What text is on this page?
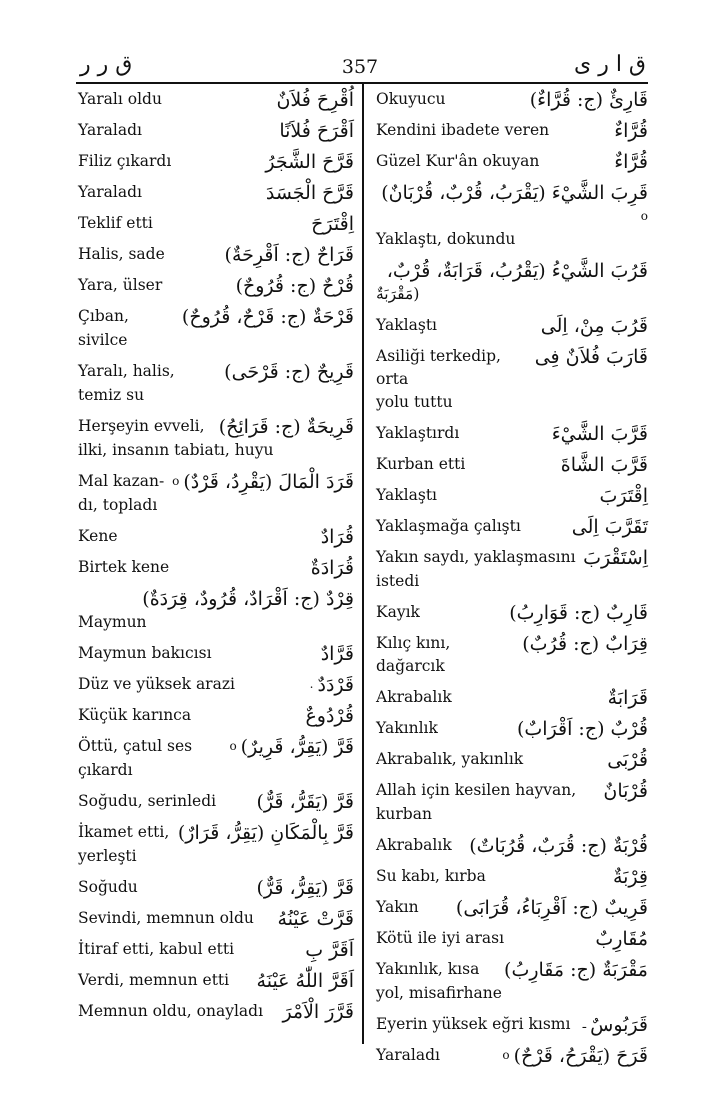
ق ر ر	357	ق ا ر ى
اُقْرِحَ فُلاَنٌ
Yaralı oldu
اَقْرَحَ فُلاَنًا
Yaraladı
قَرَّحَ الشَّجَرُ
Filiz çıkardı
قَرَّحَ الْجَسَدَ
Yaraladı
اِقْتَرَحَ
Teklif etti
قَرَاحٌ (ج: اَقْرِحَةٌ)
Halis, sade
قُرْحٌ (ج: قُرُوحٌ)
Yara, ülser
قَرْحَةٌ (ج: قَرْحٌ، قُرُوحٌ)
Çıban,
sivilce
قَرِيحٌ (ج: قَرْحَى)
Yaralı, halis,
temiz su
قَرِيحَةٌ (ج: قَرَائِحُ)
Herşeyin evveli,
ilki, insanın tabiatı, huyu
قَرَدَ الْمَالَ (يَقْرِدُ، قَرْدٌ)
o
Mal kazan-
dı, topladı
قُرَادٌ
Kene
قُرَادَةٌ
Birtek kene
قِرْدٌ (ج: اَقْرَادٌ، قُرُودٌ، قِرَدَةٌ)
Maymun
قَرَّادٌ
Maymun bakıcısı
قَرْدَدٌ
.
Düz ve yüksek arazi
قُرْدُوعٌ
Küçük karınca
قَرَّ (يَقِرُّ، قَرِيرٌ)
o
Öttü, çatul ses
çıkardı
قَرَّ (يَقَرُّ، قَرٌّ)
Soğudu, serinledi
قَرَّ بِالْمَكَانِ (يَقِرُّ، قَرَارٌ)
İkamet etti,
yerleşti
قَرَّ (يَقِرُّ، قَرٌّ)
Soğudu
قَرَّتْ عَيْنُهُ
Sevindi, memnun oldu
اَقَرَّ بِ
İtiraf etti, kabul etti
اَقَرَّ اللّٰهُ عَيْنَهُ
Verdi, memnun etti
قَرَّرَ الْاَمْرَ
Memnun oldu, onayladı
قَارِئٌ (ج: قُرَّاءٌ)
Okuyucu
قُرَّاءٌ
Kendini ibadete veren
قُرَّاءٌ
Güzel Kur'ân okuyan
قَرِبَ الشَّيْءَ (يَقْرَبُ، قُرْبٌ، قُرْبَانٌ)
o
Yaklaştı, dokundu
قَرُبَ الشَّيْءُ (يَقْرُبُ، قَرَابَةٌ، قُرْبٌ،
مَقْرَبَةٌ)
قَرُبَ مِنْ، اِلَى
Yaklaştı
قَارَبَ فُلاَنٌ فِى
Asiliği terkedip, orta
yolu tuttu
قَرَّبَ الشَّيْءَ
Yaklaştırdı
قَرَّبَ الشَّاةَ
Kurban etti
اِقْتَرَبَ
Yaklaştı
تَقَرَّبَ اِلَى
Yaklaşmağa çalıştı
اِسْتَقْرَبَ
Yakın saydı, yaklaşmasını
istedi
قَارِبٌ (ج: قَوَارِبُ)
Kayık
قِرَابٌ (ج: قُرُبٌ)
Kılıç kını, dağarcık
قَرَابَةٌ
Akrabalık
قُرْبٌ (ج: اَقْرَابٌ)
Yakınlık
قُرْبَى
Akrabalık, yakınlık
قُرْبَانٌ
Allah için kesilen hayvan,
kurban
قُرْبَةٌ (ج: قُرَبٌ، قُرُبَاتٌ)
Akrabalık
قِرْبَةٌ
Su kabı, kırba
قَرِيبٌ (ج: اَقْرِبَاءُ، قُرَابَى)
Yakın
مُقَارِبٌ
Kötü ile iyi arası
مَقْرَبَةٌ (ج: مَقَارِبُ)
Yakınlık, kısa
yol, misafirhane
قَرَبُوسٌ
ـ
Eyerin yüksek eğri kısmı
قَرَحَ (يَقْرَحُ، قَرْحٌ)
o
Yaraladı
